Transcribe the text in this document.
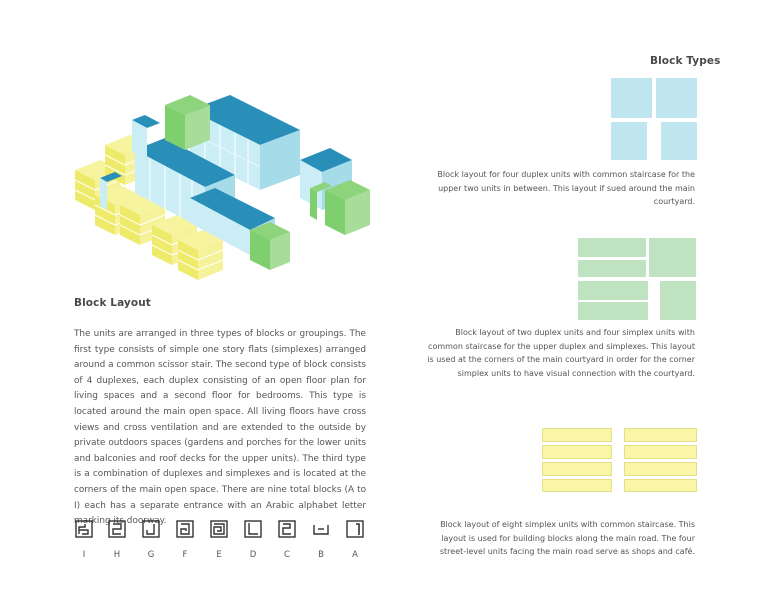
Block Layout

The units are arranged in three types of blocks or groupings. The first type consists of simple one story flats (simplexes) arranged around a common scissor stair. The second type of block consists of 4 duplexes, each duplex consisting of an open floor plan for living spaces and a second floor for bedrooms. This type is located around the main open space. All living floors have cross views and cross ventilation and are extended to the outside by private outdoors spaces (gardens and porches for the lower units and balconies and roof decks for the upper units). The third type is a combination of duplexes and simplexes and is located at the corners of the main open space. There are nine total blocks (A to I) each has a separate entrance with an Arabic alphabet letter marking its doorway.

I	H	G	F	E	D	C	B	A
Block Types

Block layout for four duplex units with common staircase for the upper two units in between. This layout if sued around the main courtyard.

Block layout of two duplex units and four simplex units with common staircase for the upper duplex and simplexes. This layout is used at the corners of the main courtyard in order for the corner simplex units to have visual connection with the courtyard.

Block layout of eight simplex units with common staircase. This layout is used for building blocks along the main road. The four street-level units facing the main road serve as shops and café.
